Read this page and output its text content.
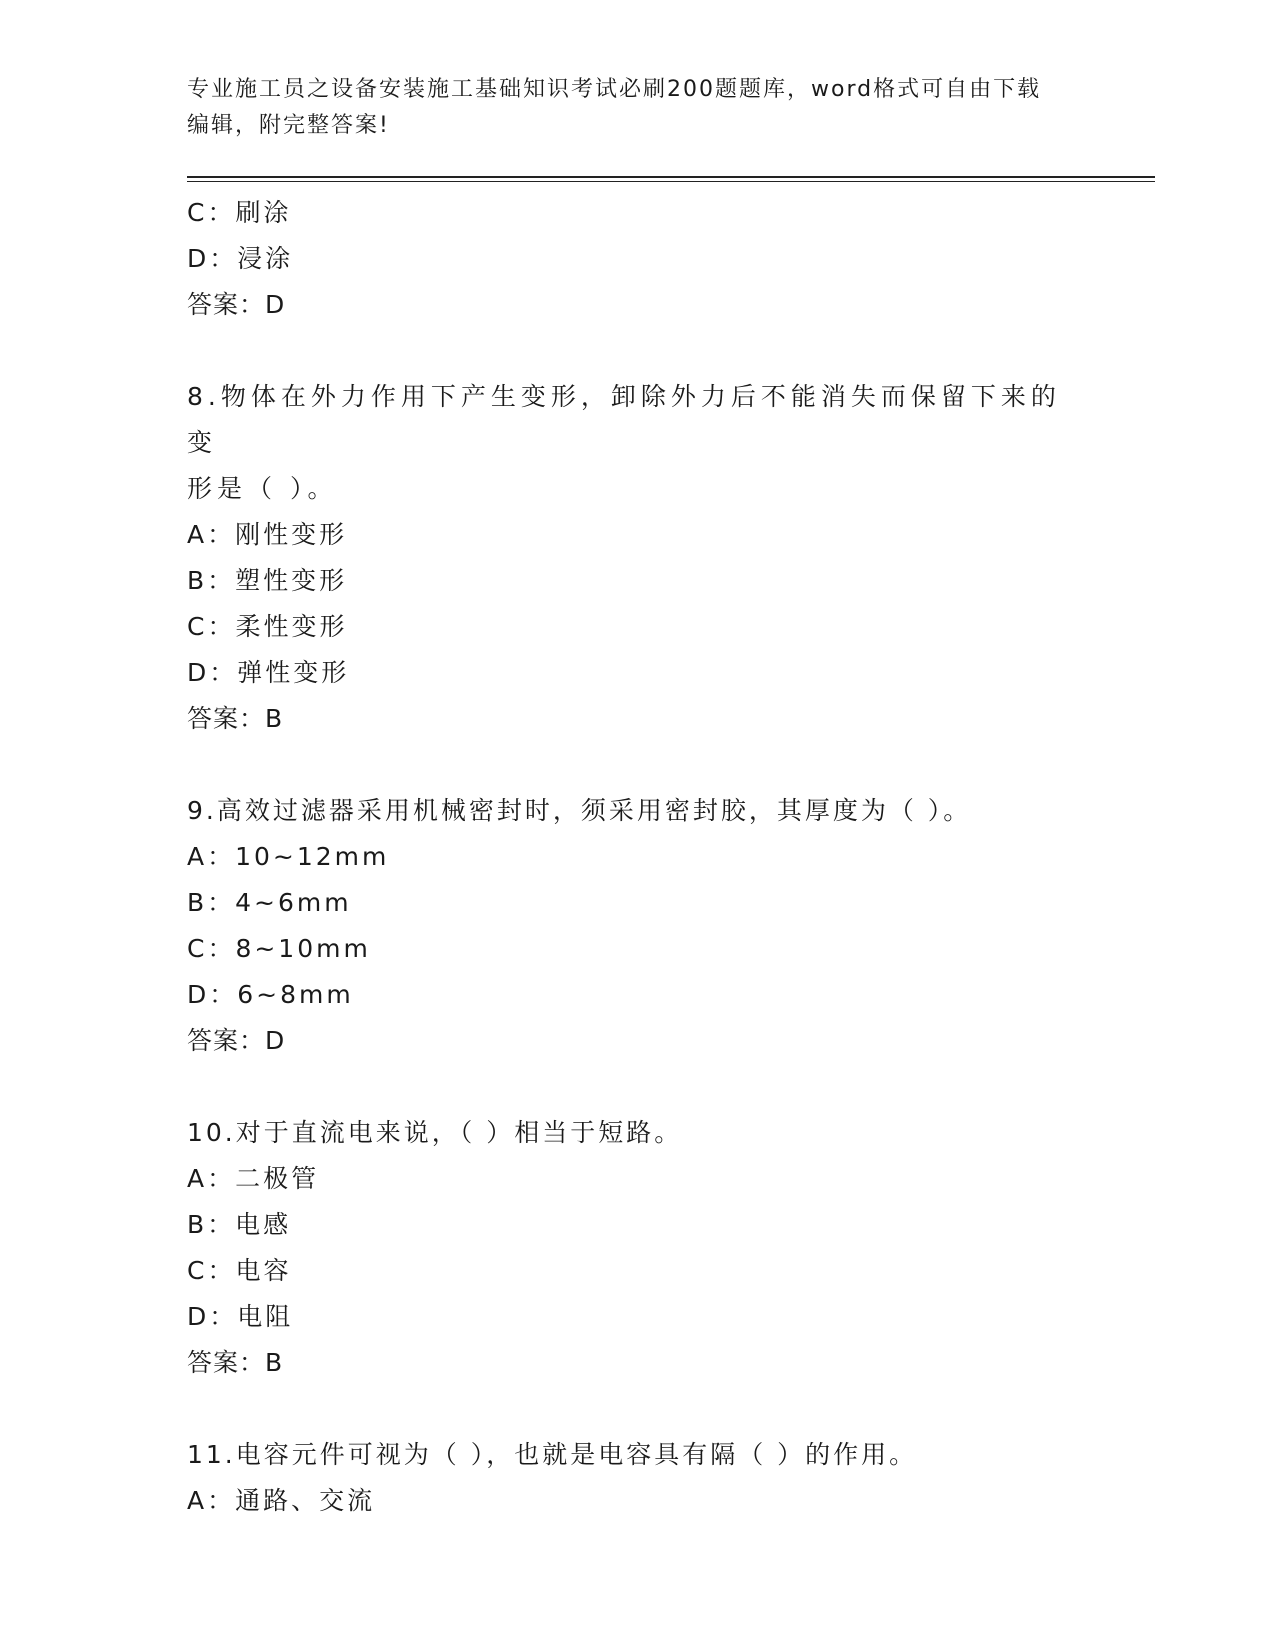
专业施工员之设备安装施工基础知识考试必刷200题题库，word格式可自由下载
编辑，附完整答案!
C：刷涂
D：浸涂
答案：D
8.物体在外力作用下产生变形，卸除外力后不能消失而保留下来的变
形是（ ）。
A：刚性变形
B：塑性变形
C：柔性变形
D：弹性变形
答案：B
9.高效过滤器采用机械密封时，须采用密封胶，其厚度为（ ）。
A：10~12mm
B：4~6mm
C：8~10mm
D：6~8mm
答案：D
10.对于直流电来说，（ ）相当于短路。
A：二极管
B：电感
C：电容
D：电阻
答案：B
11.电容元件可视为（ ），也就是电容具有隔（ ）的作用。
A：通路、交流
